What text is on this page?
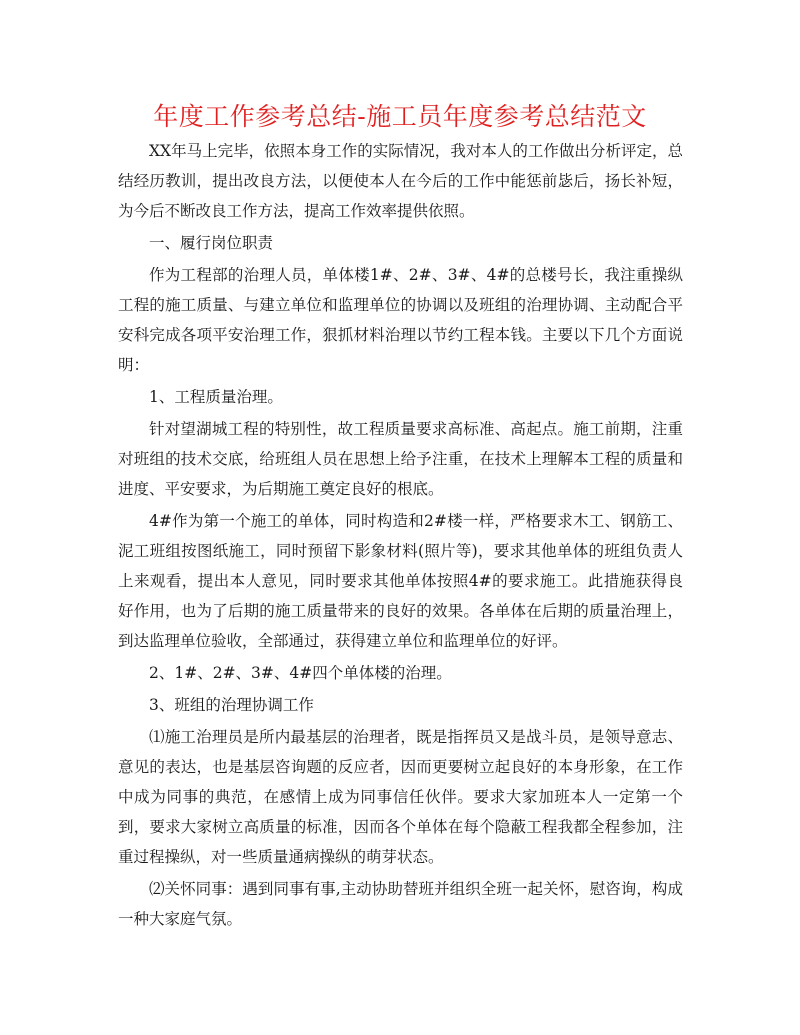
年度工作参考总结-施工员年度参考总结范文

XX年马上完毕，依照本身工作的实际情况，我对本人的工作做出分析评定，总结经历教训，提出改良方法，以便使本人在今后的工作中能惩前毖后，扬长补短，为今后不断改良工作方法，提高工作效率提供依照。

一、履行岗位职责

作为工程部的治理人员，单体楼1#、2#、3#、4#的总楼号长，我注重操纵工程的施工质量、与建立单位和监理单位的协调以及班组的治理协调、主动配合平安科完成各项平安治理工作，狠抓材料治理以节约工程本钱。主要以下几个方面说明：

1、工程质量治理。

针对望湖城工程的特别性，故工程质量要求高标准、高起点。施工前期，注重对班组的技术交底，给班组人员在思想上给予注重，在技术上理解本工程的质量和进度、平安要求，为后期施工奠定良好的根底。

4#作为第一个施工的单体，同时构造和2#楼一样，严格要求木工、钢筋工、泥工班组按图纸施工，同时预留下影象材料(照片等)，要求其他单体的班组负责人上来观看，提出本人意见，同时要求其他单体按照4#的要求施工。此措施获得良好作用，也为了后期的施工质量带来的良好的效果。各单体在后期的质量治理上，到达监理单位验收，全部通过，获得建立单位和监理单位的好评。

2、1#、2#、3#、4#四个单体楼的治理。

3、班组的治理协调工作

⑴施工治理员是所内最基层的治理者，既是指挥员又是战斗员，是领导意志、意见的表达，也是基层咨询题的反应者，因而更要树立起良好的本身形象，在工作中成为同事的典范，在感情上成为同事信任伙伴。要求大家加班本人一定第一个到，要求大家树立高质量的标准，因而各个单体在每个隐蔽工程我都全程参加，注重过程操纵，对一些质量通病操纵的萌芽状态。

⑵关怀同事：遇到同事有事,主动协助替班并组织全班一起关怀，慰咨询，构成一种大家庭气氛。
